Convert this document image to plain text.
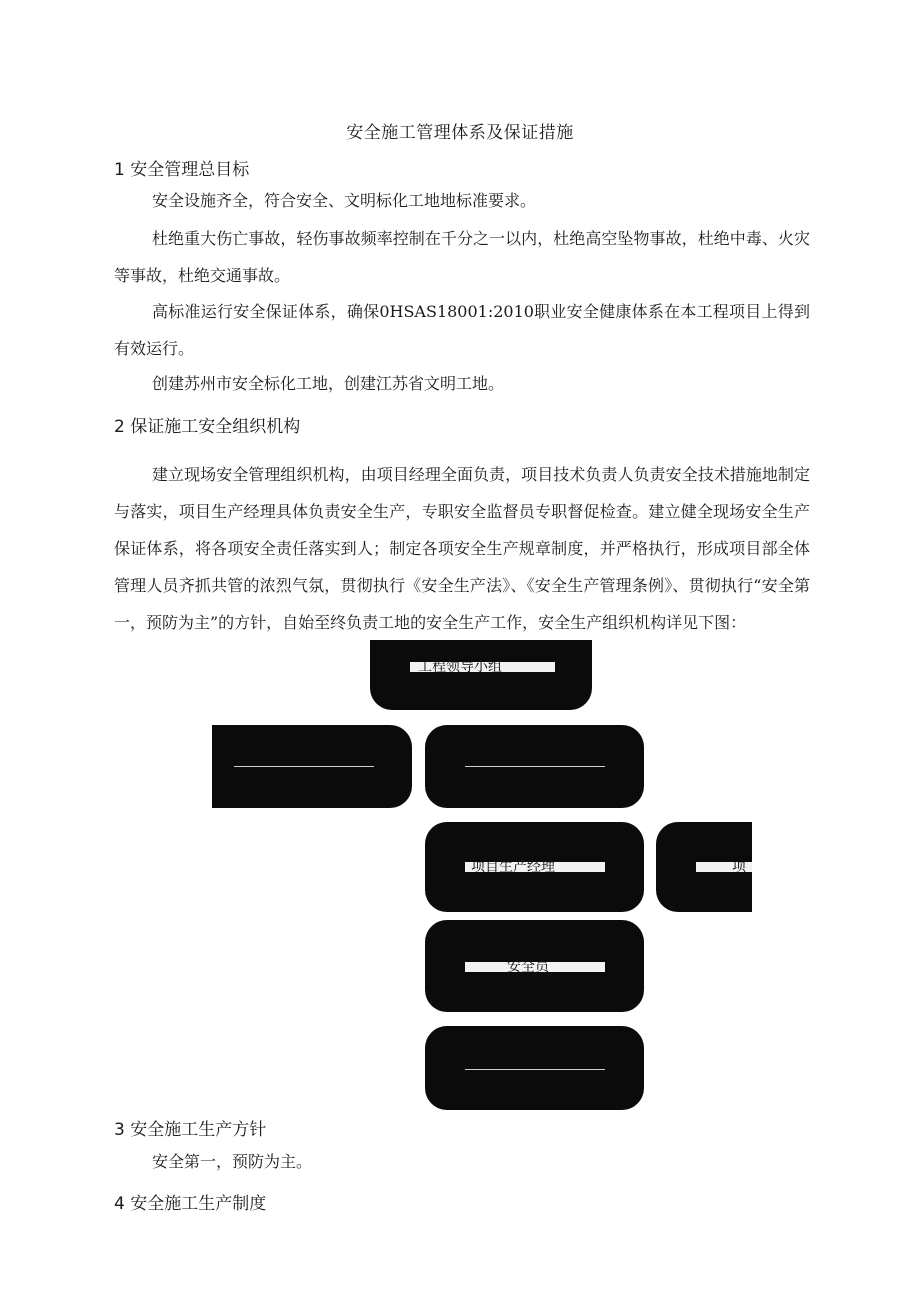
安全施工管理体系及保证措施
1 安全管理总目标

安全设施齐全，符合安全、文明标化工地地标准要求。

杜绝重大伤亡事故，轻伤事故频率控制在千分之一以内，杜绝高空坠物事故，杜绝中毒、火灾等事故，杜绝交通事故。

高标准运行安全保证体系，确保0HSAS18001:2010职业安全健康体系在本工程项目上得到有效运行。

创建苏州市安全标化工地，创建江苏省文明工地。

2 保证施工安全组织机构

建立现场安全管理组织机构，由项目经理全面负责，项目技术负责人负责安全技术措施地制定与落实，项目生产经理具体负责安全生产，专职安全监督员专职督促检查。建立健全现场安全生产保证体系，将各项安全责任落实到人；制定各项安全生产规章制度，并严格执行，形成项目部全体管理人员齐抓共管的浓烈气氛，贯彻执行《安全生产法》、《安全生产管理条例》、贯彻执行“安全第一，预防为主”的方针，自始至终负责工地的安全生产工作，安全生产组织机构详见下图：

工程领导小组
项目生产经理	项
安全员
3 安全施工生产方针

安全第一，预防为主。

4 安全施工生产制度
